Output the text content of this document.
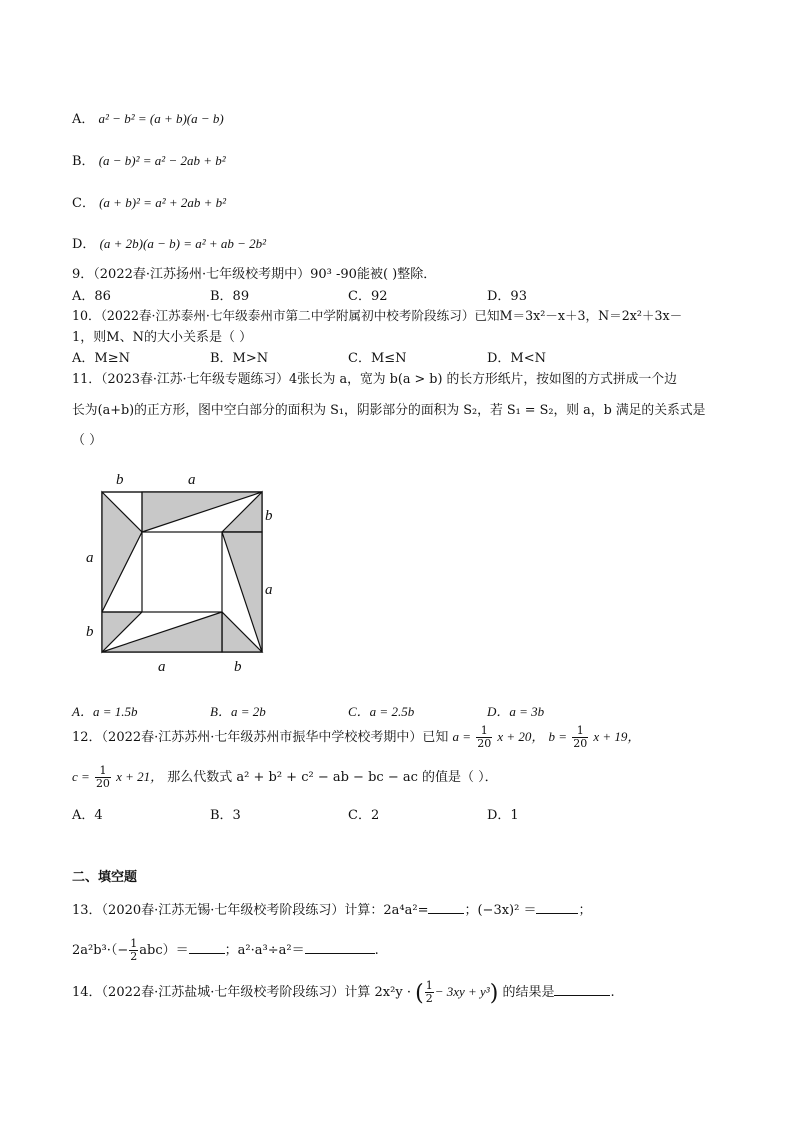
A． a² − b² = (a + b)(a − b)
B． (a − b)² = a² − 2ab + b²
C． (a + b)² = a² + 2ab + b²
D． (a + 2b)(a − b) = a² + ab − 2b²
9．（2022春·江苏扬州·七年级校考期中）90³ -90能被( )整除．
A．86	B．89	C．92	D．93
10．（2022春·江苏泰州·七年级泰州市第二中学附属初中校考阶段练习）已知M＝3x²－x＋3，N＝2x²＋3x－
1，则M、N的大小关系是（ ）
A．M≥N	B．M>N	C．M≤N	D．M<N
11．（2023春·江苏·七年级专题练习）4张长为 a，宽为 b(a > b) 的长方形纸片，按如图的方式拼成一个边
长为(a+b)的正方形，图中空白部分的面积为 S₁，阴影部分的面积为 S₂，若 S₁ = S₂，则 a，b 满足的关系式是
（ ）
b	a
b
a
a
b
a	b
A．a = 1.5b	B．a = 2b	C．a = 2.5b	D．a = 3b
12．（2022春·江苏苏州·七年级苏州市振华中学校校考期中）已知 $a = \frac{1}{20}$ x + 20， $b = \frac{1}{20}$ x + 19，
$c = \frac{1}{20}$ x + 21， 那么代数式 a² + b² + c² − ab − bc − ac 的值是（ ）．
A．4	B．3	C．2	D．1
二、填空题
13．（2020春·江苏无锡·七年级校考阶段练习）计算：2a⁴a²=	；(−3x)² ＝	；
$2a^2b^3\cdot(- \frac{1}{2} abc)=$	；a²·a³÷a²＝	.
14．（2022春·江苏盐城·七年级校考阶段练习）计算 2x²y · ( $\frac{1}{2} - 3xy + y^3$) 的结果是	.
